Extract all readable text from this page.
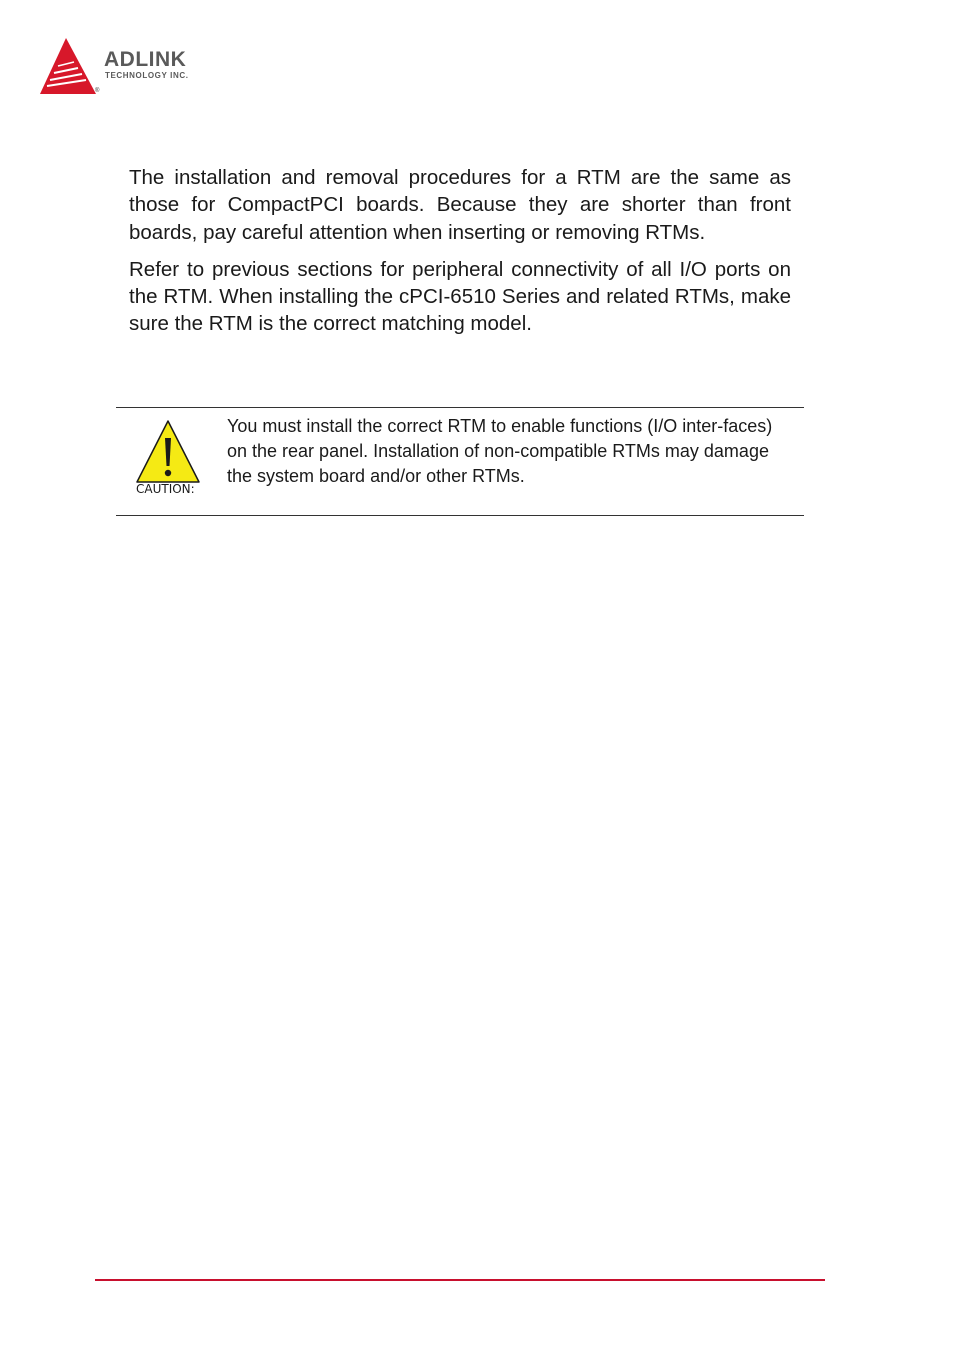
ADLINK
TECHNOLOGY INC.
®

The installation and removal procedures for a RTM are the same as those for CompactPCI boards. Because they are shorter than front boards, pay careful attention when inserting or removing RTMs.

Refer to previous sections for peripheral connectivity of all I/O ports on the RTM. When installing the cPCI-6510 Series and related RTMs, make sure the RTM is the correct matching model.

CAUTION:

You must install the correct RTM to enable functions (I/O inter-faces) on the rear panel. Installation of non-compatible RTMs may damage the system board and/or other RTMs.
